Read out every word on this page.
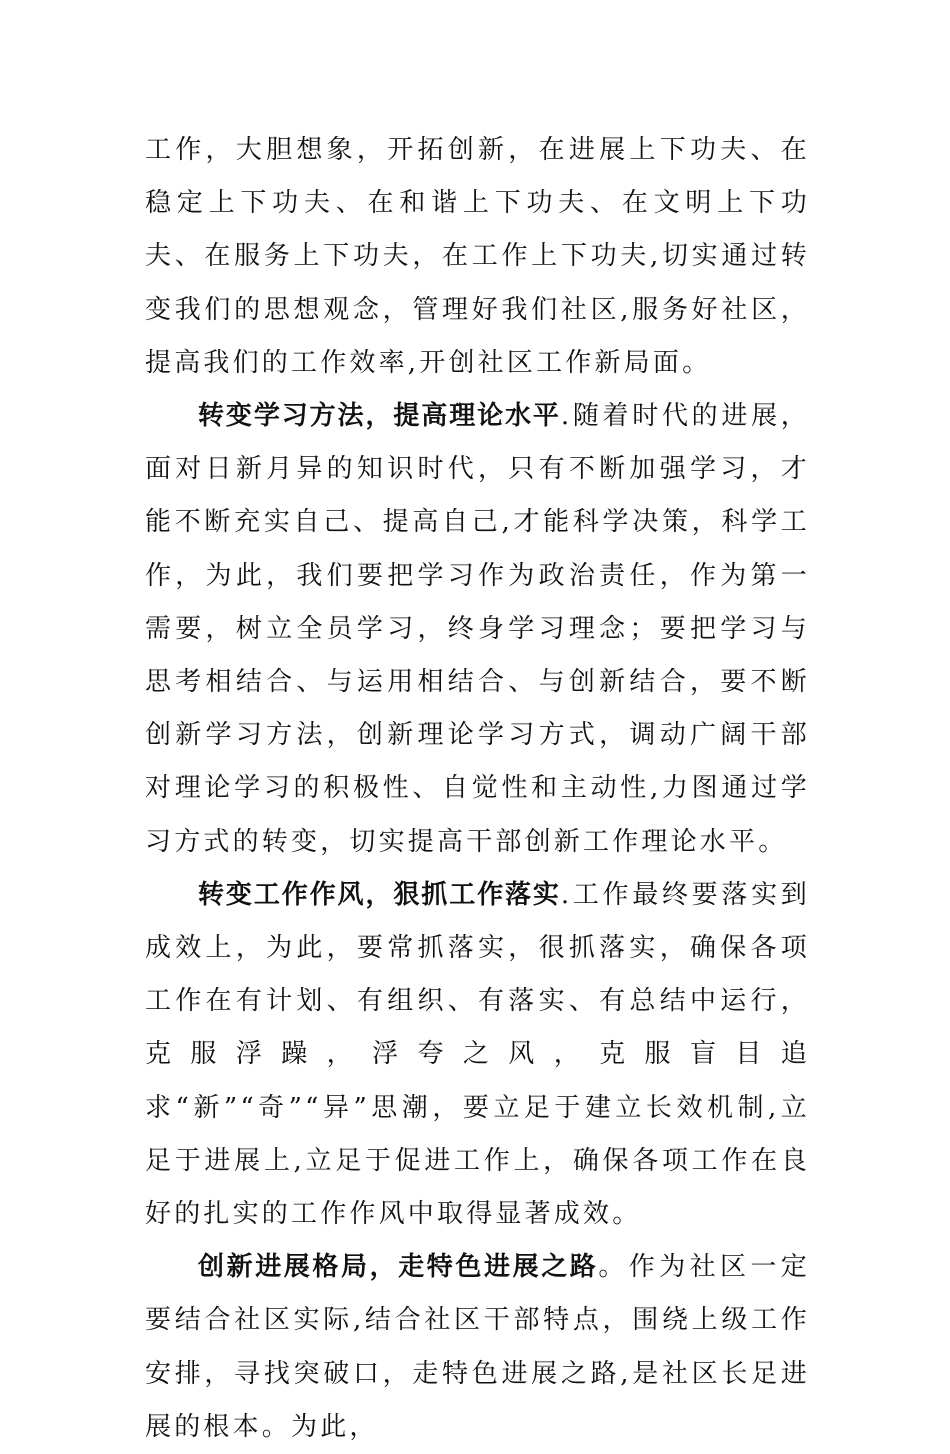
工作，大胆想象，开拓创新，在进展上下功夫、在稳定上下功夫、在和谐上下功夫、在文明上下功夫、在服务上下功夫，在工作上下功夫,切实通过转变我们的思想观念，管理好我们社区,服务好社区，提高我们的工作效率,开创社区工作新局面。

转变学习方法，提高理论水平.随着时代的进展，面对日新月异的知识时代，只有不断加强学习，才能不断充实自己、提高自己,才能科学决策，科学工作，为此，我们要把学习作为政治责任，作为第一需要，树立全员学习，终身学习理念；要把学习与思考相结合、与运用相结合、与创新结合，要不断创新学习方法，创新理论学习方式，调动广阔干部对理论学习的积极性、自觉性和主动性,力图通过学习方式的转变，切实提高干部创新工作理论水平。

转变工作作风，狠抓工作落实.工作最终要落实到成效上，为此，要常抓落实，很抓落实，确保各项工作在有计划、有组织、有落实、有总结中运行，克服浮躁，浮夸之风，克服盲目追求“新”“奇”“异”思潮，要立足于建立长效机制,立足于进展上,立足于促进工作上，确保各项工作在良好的扎实的工作作风中取得显著成效。

创新进展格局，走特色进展之路。作为社区一定要结合社区实际,结合社区干部特点，围绕上级工作安排，寻找突破口，走特色进展之路,是社区长足进展的根本。为此，
